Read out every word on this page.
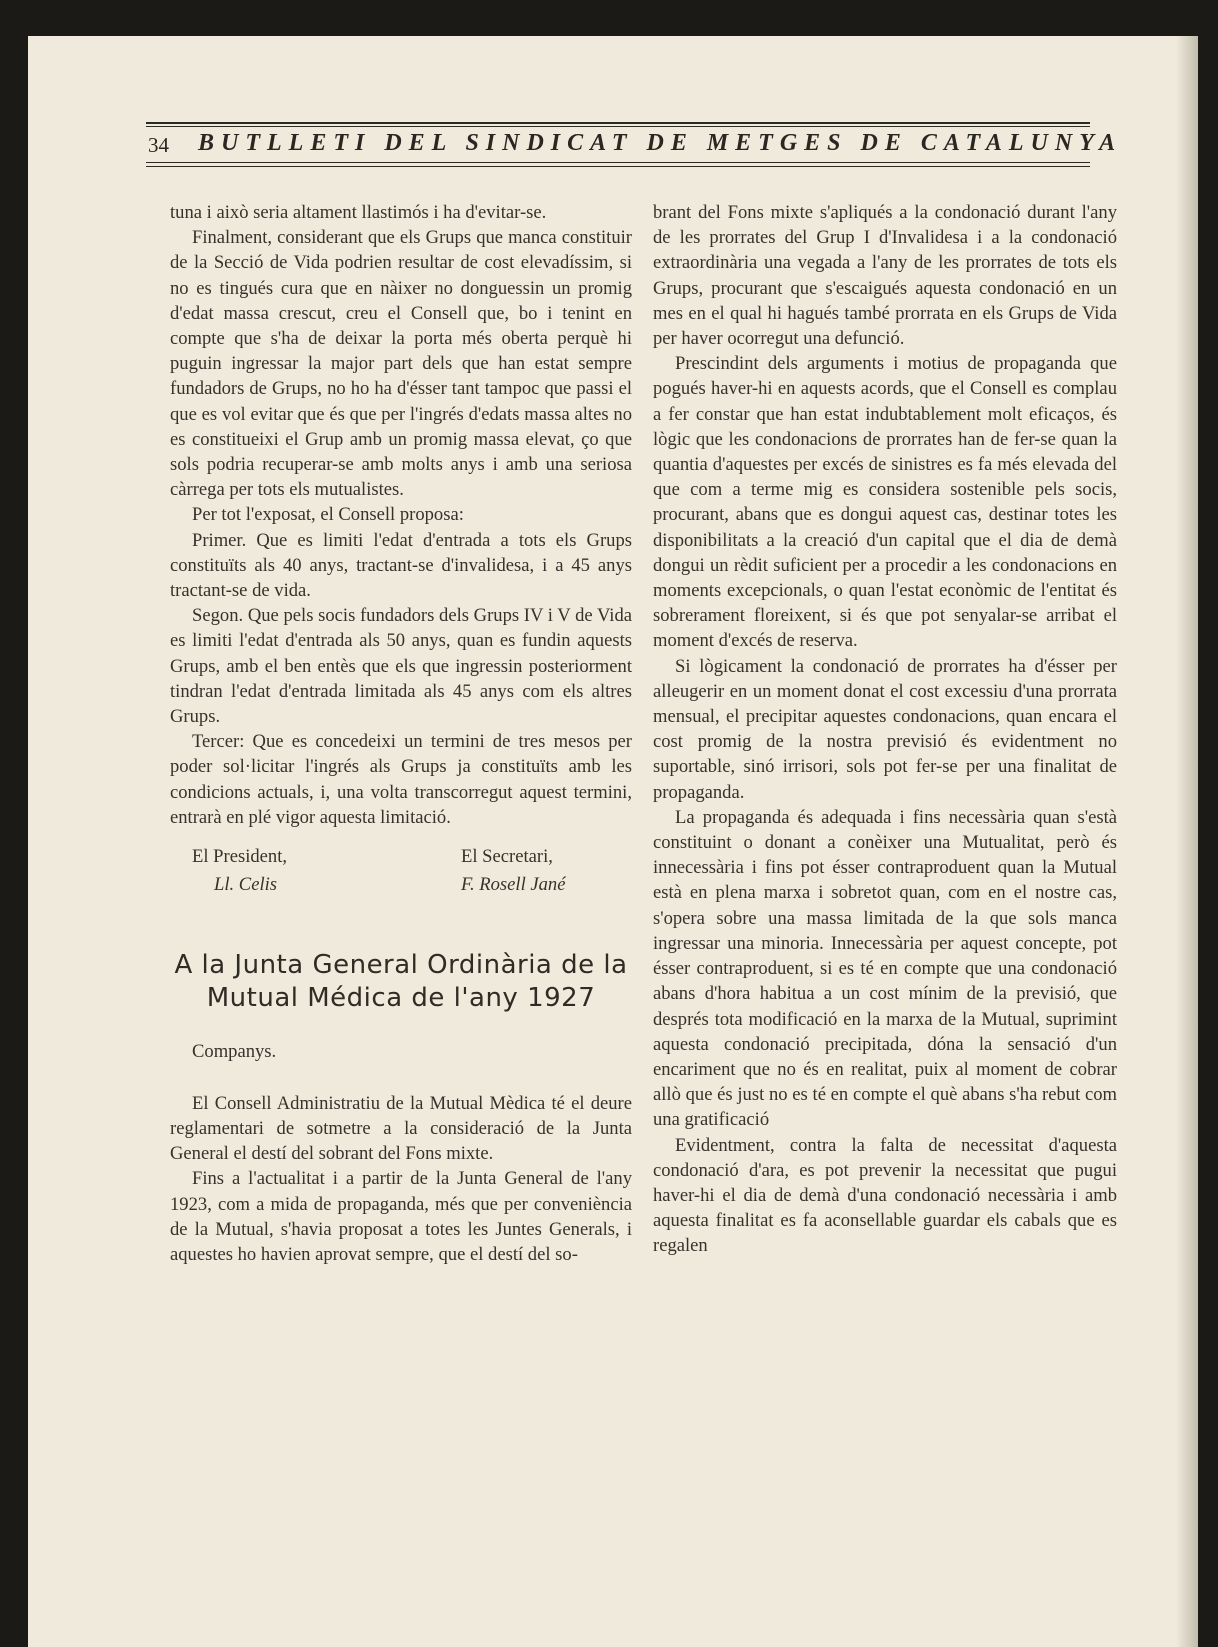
34 BUTLLETI DEL SINDICAT DE METGES DE CATALUNYA

tuna i això seria altament llastimós i ha d'evitar-se.

Finalment, considerant que els Grups que manca constituir de la Secció de Vida podrien resultar de cost elevadíssim, si no es tingués cura que en nàixer no donguessin un promig d'edat massa crescut, creu el Consell que, bo i tenint en compte que s'ha de deixar la porta més oberta perquè hi puguin ingressar la major part dels que han estat sempre fundadors de Grups, no ho ha d'ésser tant tampoc que passi el que es vol evitar que és que per l'ingrés d'edats massa altes no es constitueixi el Grup amb un promig massa elevat, ço que sols podria recuperar-se amb molts anys i amb una seriosa càrrega per tots els mutualistes.

Per tot l'exposat, el Consell proposa:

Primer. Que es limiti l'edat d'entrada a tots els Grups constituïts als 40 anys, tractant-se d'invalidesa, i a 45 anys tractant-se de vida.

Segon. Que pels socis fundadors dels Grups IV i V de Vida es limiti l'edat d'entrada als 50 anys, quan es fundin aquests Grups, amb el ben entès que els que ingressin posteriorment tindran l'edat d'entrada limitada als 45 anys com els altres Grups.

Tercer: Que es concedeixi un termini de tres mesos per poder sol·licitar l'ingrés als Grups ja constituïts amb les condicions actuals, i, una volta transcorregut aquest termini, entrarà en plé vigor aquesta limitació.

El President,
Ll. Celis
El Secretari,
F. Rosell Jané
A la Junta General Ordinària de la Mutual Médica de l'any 1927

Companys.

El Consell Administratiu de la Mutual Mèdica té el deure reglamentari de sotmetre a la consideració de la Junta General el destí del sobrant del Fons mixte.

Fins a l'actualitat i a partir de la Junta General de l'any 1923, com a mida de propaganda, més que per conveniència de la Mutual, s'havia proposat a totes les Juntes Generals, i aquestes ho havien aprovat sempre, que el destí del so-

brant del Fons mixte s'apliqués a la condonació durant l'any de les prorrates del Grup I d'Invalidesa i a la condonació extraordinària una vegada a l'any de les prorrates de tots els Grups, procurant que s'escaigués aquesta condonació en un mes en el qual hi hagués també prorrata en els Grups de Vida per haver ocorregut una defunció.

Prescindint dels arguments i motius de propaganda que pogués haver-hi en aquests acords, que el Consell es complau a fer constar que han estat indubtablement molt eficaços, és lògic que les condonacions de prorrates han de fer-se quan la quantia d'aquestes per excés de sinistres es fa més elevada del que com a terme mig es considera sostenible pels socis, procurant, abans que es dongui aquest cas, destinar totes les disponibilitats a la creació d'un capital que el dia de demà dongui un rèdit suficient per a procedir a les condonacions en moments excepcionals, o quan l'estat econòmic de l'entitat és sobrerament floreixent, si és que pot senyalar-se arribat el moment d'excés de reserva.

Si lògicament la condonació de prorrates ha d'ésser per alleugerir en un moment donat el cost excessiu d'una prorrata mensual, el precipitar aquestes condonacions, quan encara el cost promig de la nostra previsió és evidentment no suportable, sinó irrisori, sols pot fer-se per una finalitat de propaganda.

La propaganda és adequada i fins necessària quan s'està constituint o donant a conèixer una Mutualitat, però és innecessària i fins pot ésser contraproduent quan la Mutual està en plena marxa i sobretot quan, com en el nostre cas, s'opera sobre una massa limitada de la que sols manca ingressar una minoria. Innecessària per aquest concepte, pot ésser contraproduent, si es té en compte que una condonació abans d'hora habitua a un cost mínim de la previsió, que després tota modificació en la marxa de la Mutual, suprimint aquesta condonació precipitada, dóna la sensació d'un encariment que no és en realitat, puix al moment de cobrar allò que és just no es té en compte el què abans s'ha rebut com una gratificació

Evidentment, contra la falta de necessitat d'aquesta condonació d'ara, es pot prevenir la necessitat que pugui haver-hi el dia de demà d'una condonació necessària i amb aquesta finalitat es fa aconsellable guardar els cabals que es regalen
